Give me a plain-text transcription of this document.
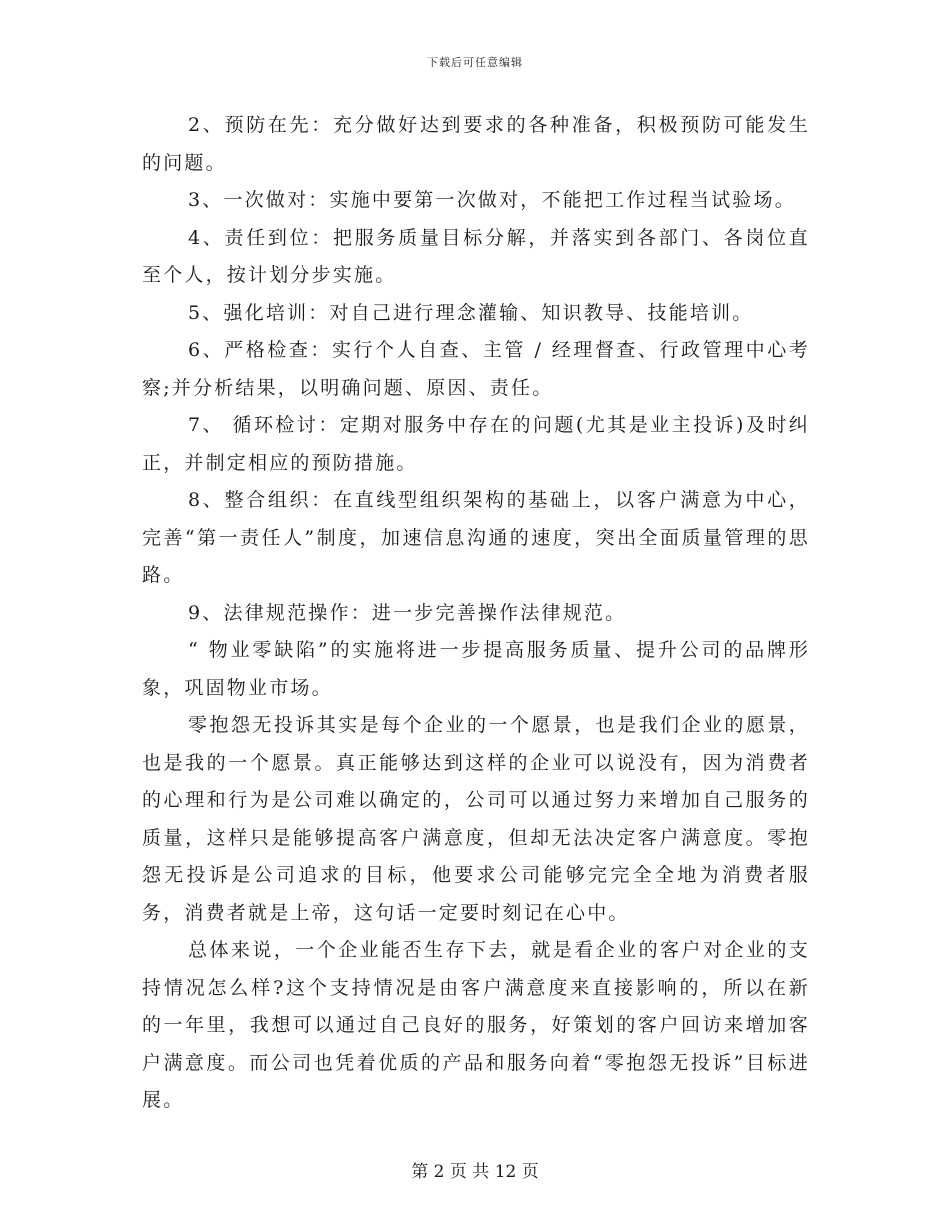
下载后可任意编辑

2、预防在先：充分做好达到要求的各种准备，积极预防可能发生的问题。

3、一次做对：实施中要第一次做对，不能把工作过程当试验场。

4、责任到位：把服务质量目标分解，并落实到各部门、各岗位直至个人，按计划分步实施。

5、强化培训：对自己进行理念灌输、知识教导、技能培训。

6、严格检查：实行个人自查、主管 / 经理督查、行政管理中心考察;并分析结果，以明确问题、原因、责任。

7、 循环检讨：定期对服务中存在的问题(尤其是业主投诉)及时纠正，并制定相应的预防措施。

8、整合组织：在直线型组织架构的基础上，以客户满意为中心，完善“第一责任人”制度，加速信息沟通的速度，突出全面质量管理的思路。

9、法律规范操作：进一步完善操作法律规范。

“ 物业零缺陷”的实施将进一步提高服务质量、提升公司的品牌形象，巩固物业市场。

零抱怨无投诉其实是每个企业的一个愿景，也是我们企业的愿景，也是我的一个愿景。真正能够达到这样的企业可以说没有，因为消费者的心理和行为是公司难以确定的，公司可以通过努力来增加自己服务的质量，这样只是能够提高客户满意度，但却无法决定客户满意度。零抱怨无投诉是公司追求的目标，他要求公司能够完完全全地为消费者服务，消费者就是上帝，这句话一定要时刻记在心中。

总体来说，一个企业能否生存下去，就是看企业的客户对企业的支持情况怎么样?这个支持情况是由客户满意度来直接影响的，所以在新的一年里，我想可以通过自己良好的服务，好策划的客户回访来增加客户满意度。而公司也凭着优质的产品和服务向着“零抱怨无投诉”目标进展。

第 2 页 共 12 页
